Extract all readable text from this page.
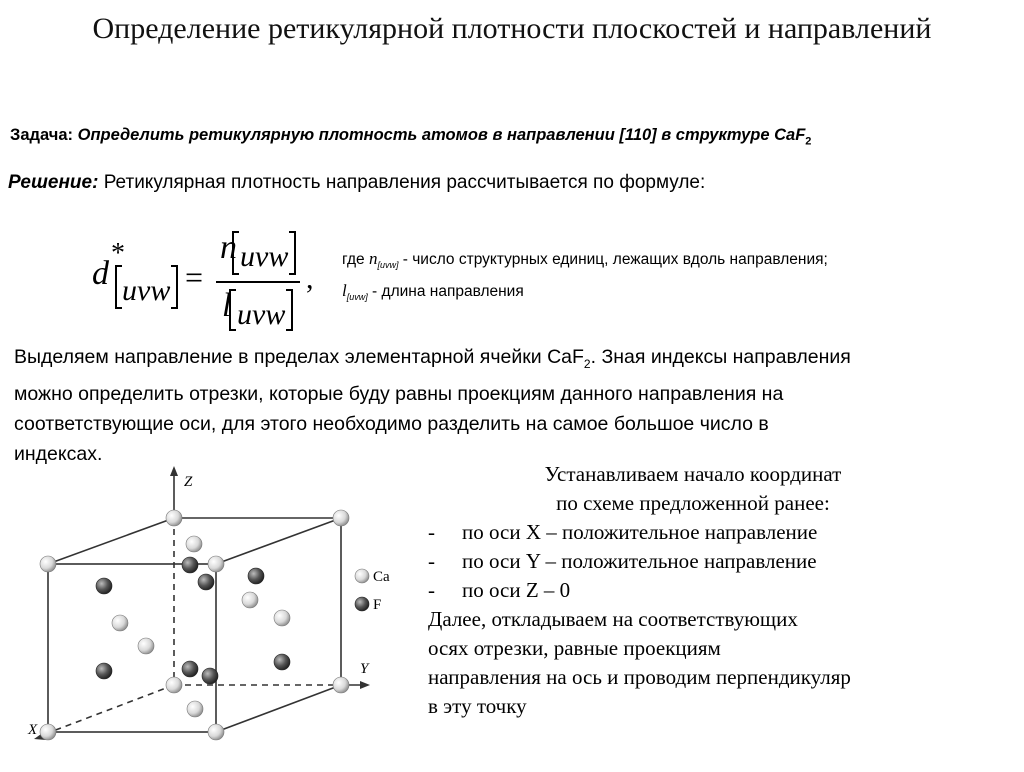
Определение ретикулярной плотности плоскостей и направлений
Задача: Определить ретикулярную плотность атомов в направлении [110] в структуре CaF$_2$
Решение: Ретикулярная плотность направления рассчитывается по формуле:
d
*
uvw =
n uvw
l uvw
,
где $n_{[uvw]}$ - число структурных единиц, лежащих вдоль направления;
$l_{[uvw]}$ - длина направления

Выделяем направление в пределах элементарной ячейки CaF$_2$. Зная индексы направления

можно определить отрезки, которые буду равны проекциям данного направления на

соответствующие оси, для этого необходимо разделить на самое большое число в

индексах.

Устанавливаем начало координат
по схеме предложенной ранее:
- по оси X – положительное направление
- по оси Y – положительное направление
- по оси Z – 0
Далее, откладываем на соответствующих
осях отрезки, равные проекциям
направления на ось и проводим перпендикуляр
в эту точку
Z
Y
X
Ca
F
